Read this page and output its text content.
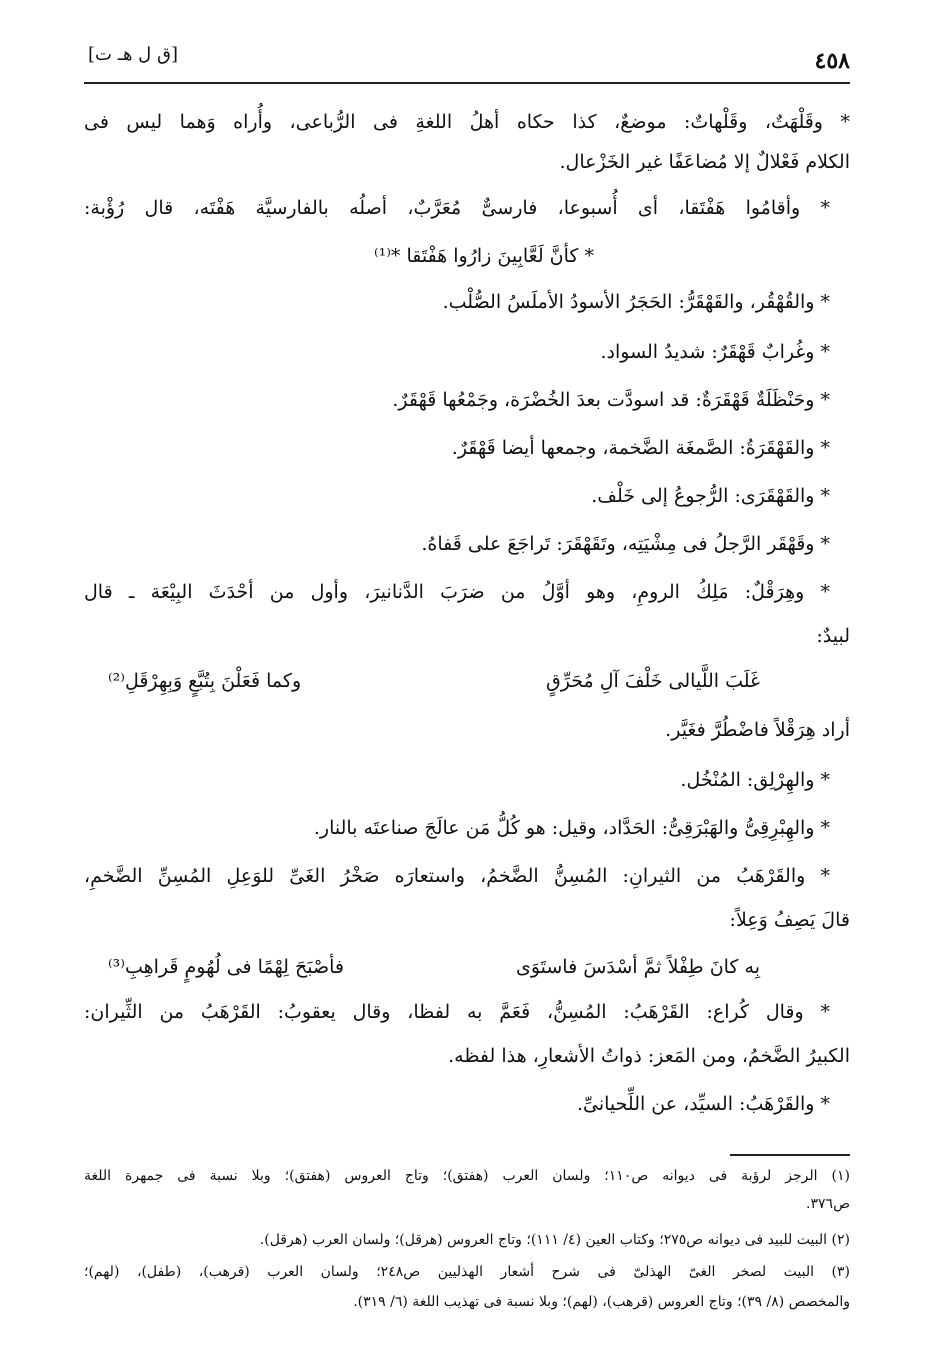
٤٥٨
[ق ل هـ ت]
* وقَلْهَتٌ، وقَلْهاتٌ: موضعٌ، كذا حكاه أهلُ اللغةِ فى الرُّباعى، وأُراه وَهما ليس فى
الكلام فَعْلالٌ إلا مُضاعَفًا غير الخَزْعال.
* وأقامُوا هَفْتَقا، أى أُسبوعا، فارسىٌّ مُعَرَّبٌ، أصلُه بالفارسيَّة هَفْتَه، قال رُؤْبة:
* كأنَّ لَعَّابِينَ زارُوا هَفْتَقا *⁽¹⁾
* والقُهْقُر، والقَهْقَرُّ: الحَجَرُ الأسودُ الأملَسُ الصُّلْب.
* وغُرابٌ قَهْقَرٌ: شديدُ السواد.
* وحَنْظَلَةٌ قَهْقَرَةٌ: قد اسودَّت بعدَ الخُضْرَة، وجَمْعُها قَهْقَرٌ.
* والقَهْقَرَةُ: الصَّمغَة الضَّخمة، وجمعها أيضا قَهْقَرٌ.
* والقَهْقَرَى: الرُّجوعُ إلى خَلْف.
* وقَهْقَر الرَّجلُ فى مِشْيَتِه، وتَقَهْقَرَ: تَراجَعَ على قَفاهُ.
* وهِرَقْلٌ: مَلِكُ الرومِ، وهو أوَّلُ من ضرَبَ الدَّنانيرَ، وأول من أحْدَثَ البِيْعَة ـ قال
لبيدٌ:
غَلَبَ اللَّيالى خَلْفَ آلِ مُحَرِّقٍ
وكما فَعَلْنَ بِتُبَّعٍ وَبِهِرْقَلِ⁽²⁾
أراد هِرَقْلاً فاضْطُرَّ فغَيَّر.
* والهِرْلِق: المُنْخُل.
* والهِبْرِقِىُّ والهَبْرَقِىُّ: الحَدَّاد، وقيل: هو كُلُّ مَن عالَجَ صناعتَه بالنار.
* والقَرْهَبُ من الثيرانِ: المُسِنُّ الضَّخمُ، واستعارَه صَخْرُ الغَىِّ للوَعِلِ المُسِنِّ الضَّخمِ،
قالَ يَصِفُ وَعِلاً:
بِه كانَ طِفْلاً ثمَّ أسْدَسَ فاستَوَى
فأصْبَحَ لِهْمًا فى لُهُومٍ قَراهِبِ⁽³⁾
* وقال كُراع: القَرْهَبُ: المُسِنُّ، فَعَمَّ به لفظا، وقال يعقوبُ: القَرْهَبُ من الثِّيران:
الكبيرُ الضَّخمُ، ومن المَعز: ذواتُ الأشعارِ، هذا لفظه.
* والقَرْهَبُ: السيِّد، عن اللِّحيانىِّ.
(١) الرجز لرؤبة فى ديوانه ص١١٠؛ ولسان العرب (هفتق)؛ وتاج العروس (هفتق)؛ وبلا نسبة فى جمهرة اللغة
ص٣٧٦.
(٢) البيت للبيد فى ديوانه ص٢٧٥؛ وكتاب العين (٤/ ١١١)؛ وتاج العروس (هرقل)؛ ولسان العرب (هرقل).
(٣) البيت لصخر الغىّ الهذلىّ فى شرح أشعار الهذليين ص٢٤٨؛ ولسان العرب (قرهب)، (طفل)، (لهم)؛
والمخصص (٨/ ٣٩)؛ وتاج العروس (قرهب)، (لهم)؛ وبلا نسبة فى تهذيب اللغة (٦/ ٣١٩).
